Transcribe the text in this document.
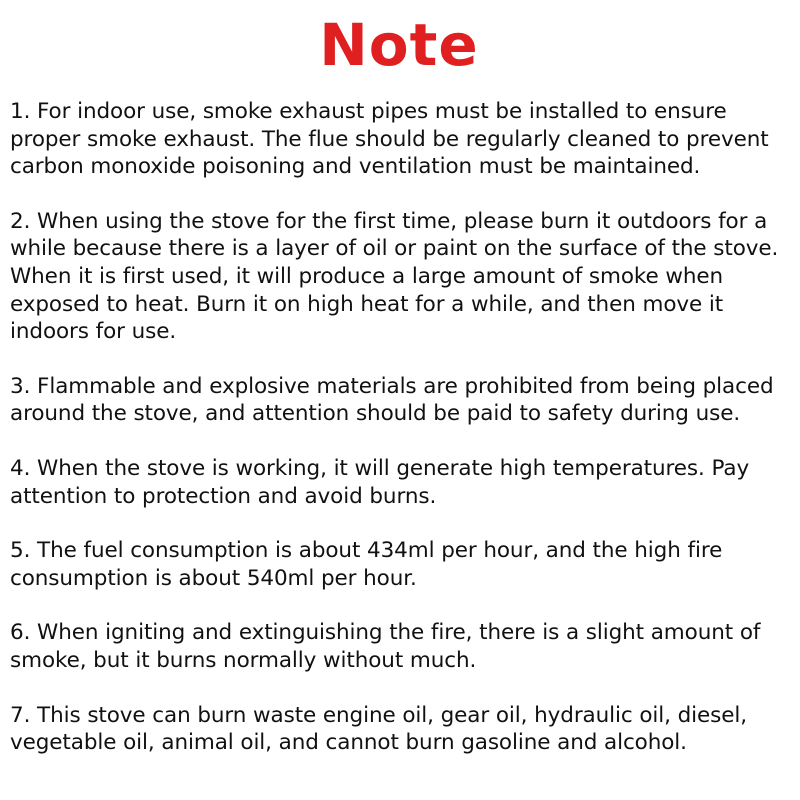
Note
1. For indoor use, smoke exhaust pipes must be installed to ensure proper smoke exhaust. The flue should be regularly cleaned to prevent carbon monoxide poisoning and ventilation must be maintained.
2. When using the stove for the first time, please burn it outdoors for a while because there is a layer of oil or paint on the surface of the stove. When it is first used, it will produce a large amount of smoke when exposed to heat. Burn it on high heat for a while, and then move it indoors for use.
3. Flammable and explosive materials are prohibited from being placed around the stove, and attention should be paid to safety during use.
4. When the stove is working, it will generate high temperatures. Pay attention to protection and avoid burns.
5. The fuel consumption is about 434ml per hour, and the high fire consumption is about 540ml per hour.
6. When igniting and extinguishing the fire, there is a slight amount of smoke, but it burns normally without much.
7. This stove can burn waste engine oil, gear oil, hydraulic oil, diesel, vegetable oil, animal oil, and cannot burn gasoline and alcohol.
